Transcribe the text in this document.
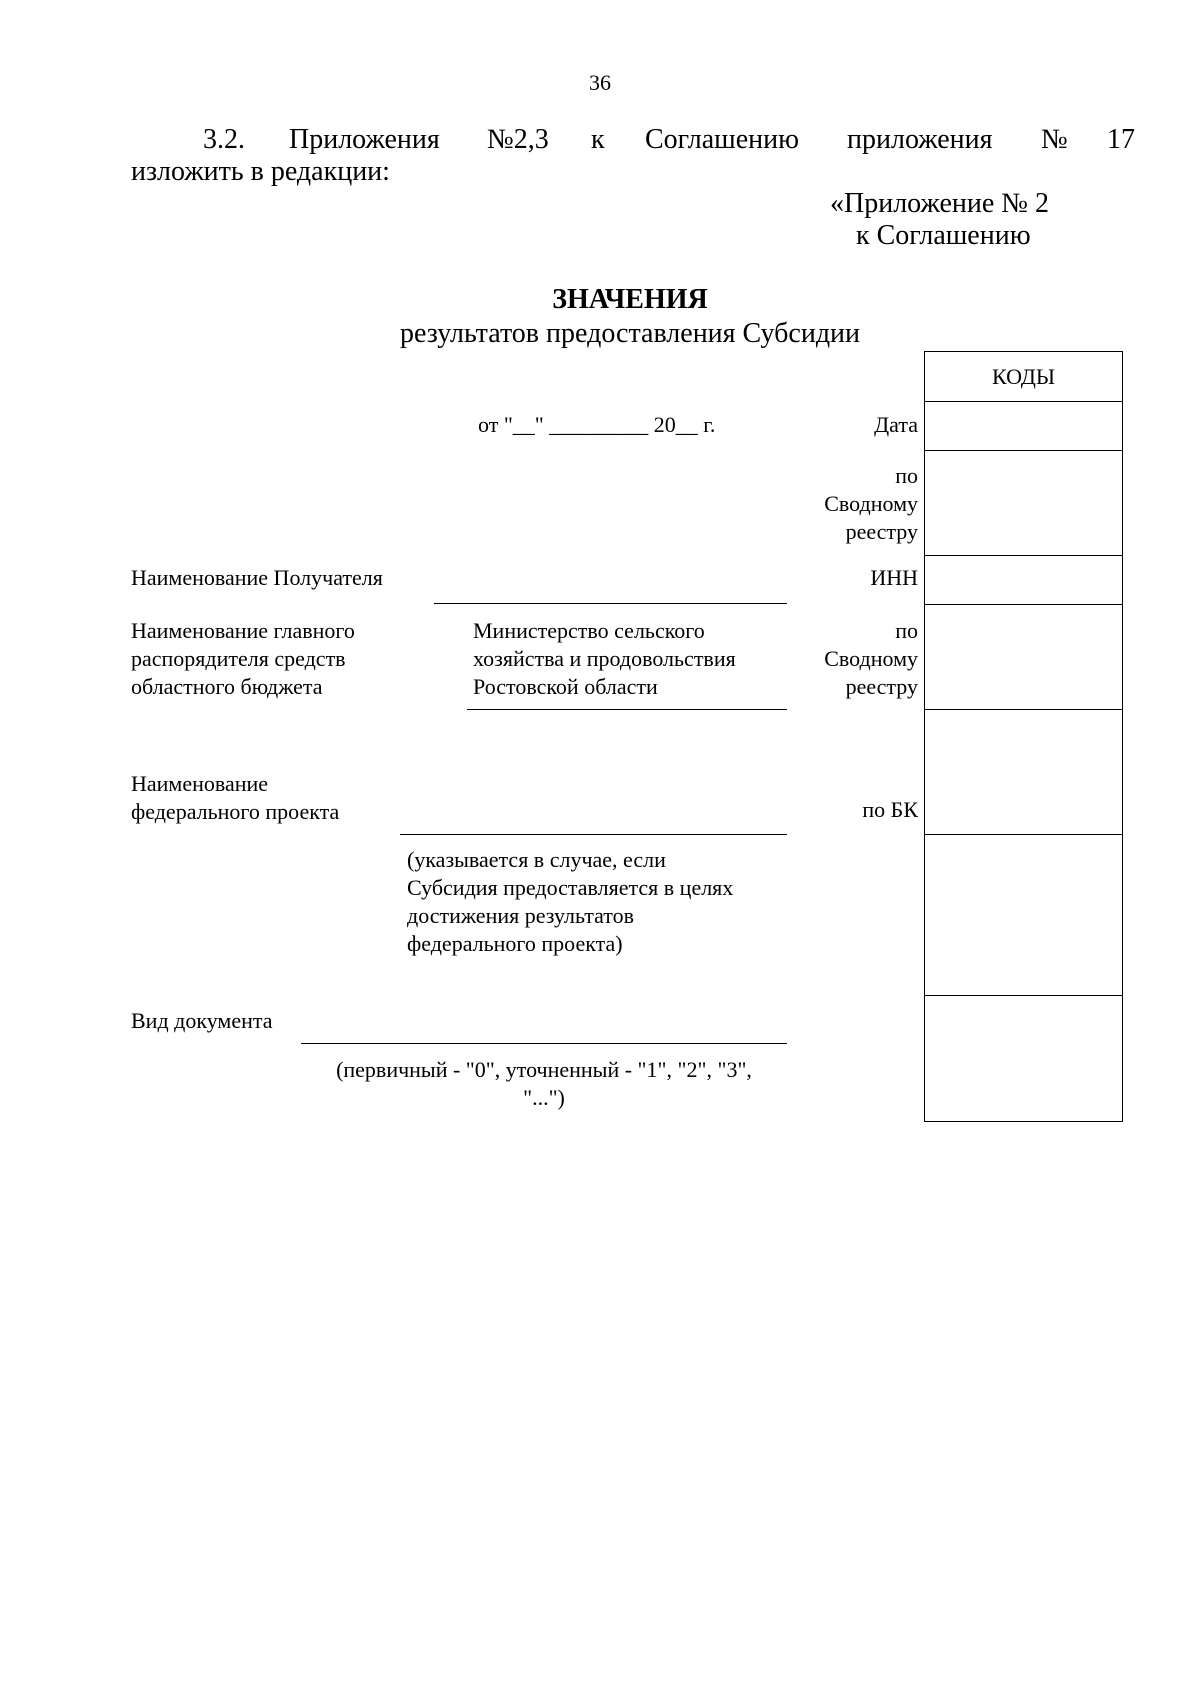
36
3.2. Приложения №2,3 к Соглашению приложения № 17
изложить в редакции:
«Приложение № 2
к Соглашению
ЗНАЧЕНИЯ
результатов предоставления Субсидии
КОДЫ
от "__" _________ 20__ г.	Дата
по
Сводному
реестру
ИНН
по
Сводному
реестру
по БК
Наименование Получателя
Наименование главного
распорядителя средств
областного бюджета
Министерство сельского
хозяйства и продовольствия
Ростовской области
Наименование
федерального проекта
(указывается в случае, если
Субсидия предоставляется в целях
достижения результатов
федерального проекта)
Вид документа
(первичный - "0", уточненный - "1", "2", "3",
"...")
